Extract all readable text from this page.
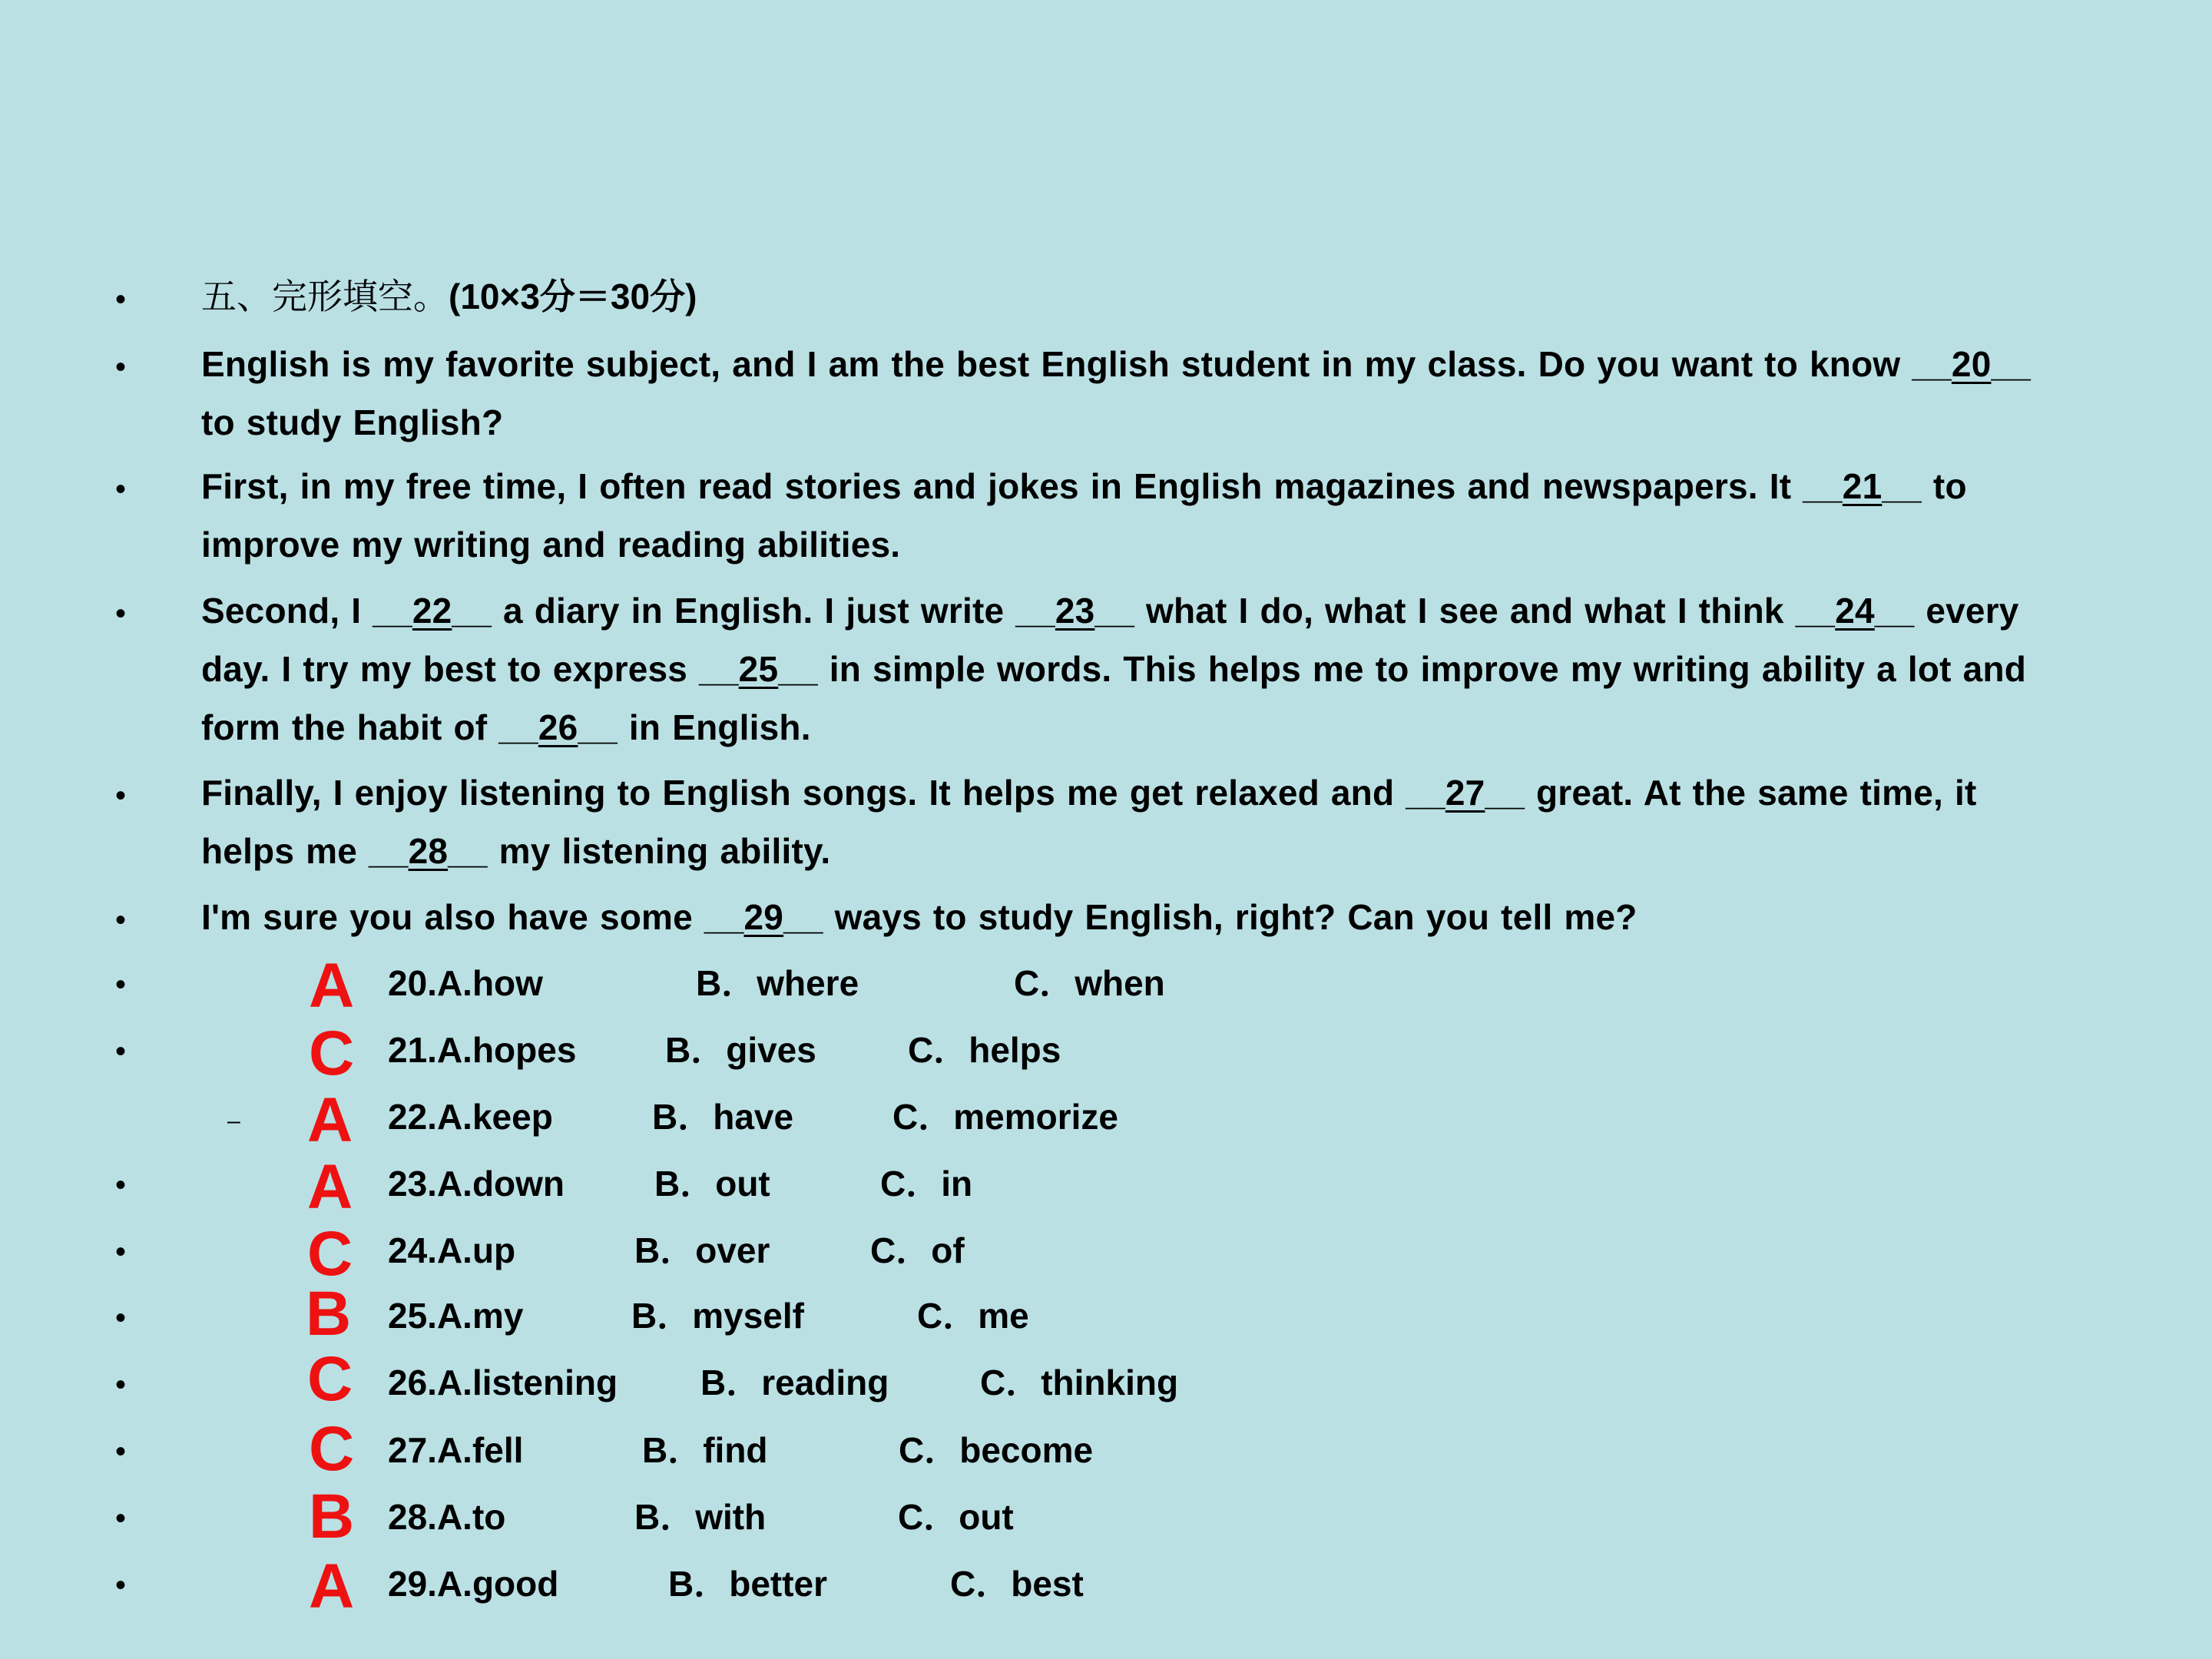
• 五、完形填空。(10×3分＝30分)
• English is my favorite subject, and I am the best English student in my class. Do you want to know __20__ to study English?
• First, in my free time, I often read stories and jokes in English magazines and newspapers. It __21__ to improve my writing and reading abilities.
• Second, I __22__ a diary in English. I just write __23__ what I do, what I see and what I think __24__ every day. I try my best to express __25__ in simple words. This helps me to improve my writing ability a lot and form the habit of __26__ in English.
• Finally, I enjoy listening to English songs. It helps me get relaxed and __27__ great. At the same time, it helps me __28__ my listening ability.
• I'm sure you also have some __29__ ways to study English, right? Can you tell me?
•	A 20.A.how	B．where	C．when
•	C 21.A.hopes	B．gives	C．helps
– A 22.A.keep	B．have	C．memorize
•	A 23.A.down	B．out	C．in
•	C 24.A.up	B．over	C．of
•	B 25.A.my	B．myself	C．me
•	C 26.A.listening B．reading	C．thinking
•	C 27.A.fell	B．find	C．become
•	B 28.A.to	B．with	C．out
•	A 29.A.good	B．better	C．best
